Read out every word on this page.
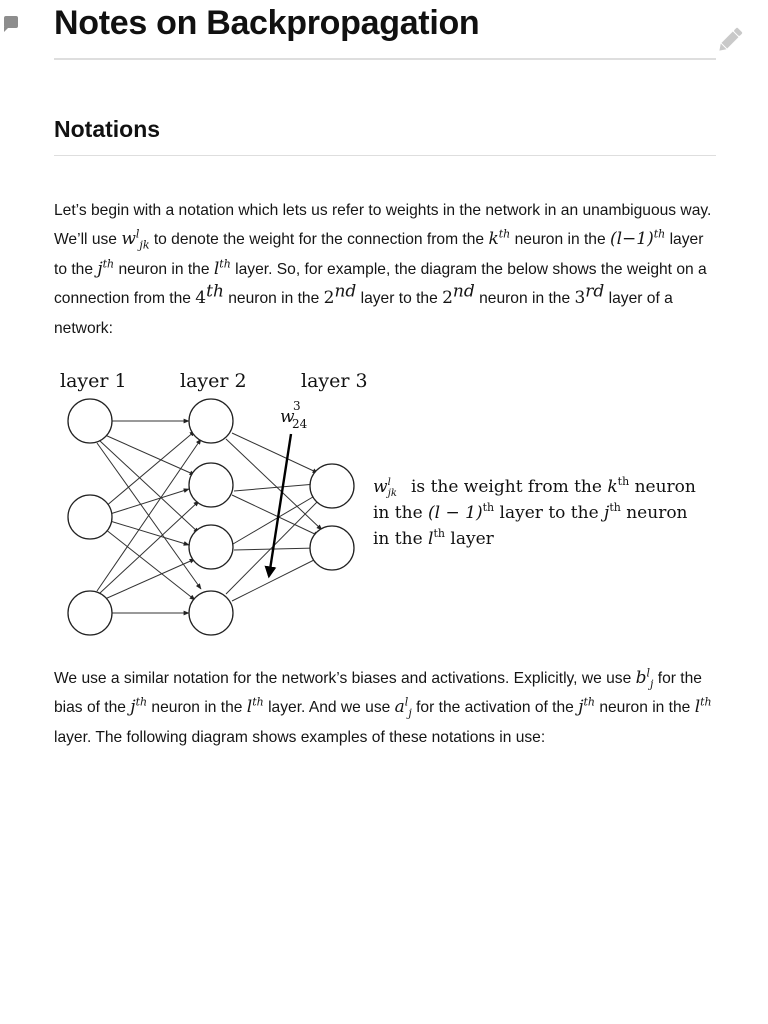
Notes on Backpropagation
Notations
Let’s begin with a notation which lets us refer to weights in the network in an unambiguous way. We’ll use $w^l_{jk}$ to denote the weight for the connection from the $k^{th}$ neuron in the $(l-1)^{th}$ layer to the $j^{th}$ neuron in the $l^{th}$ layer. So, for example, the diagram the below shows the weight on a connection from the 4th neuron in the 2nd layer to the 2nd neuron in the 3rd layer of a network:
layer 1	layer 2	layer 3
w
3
24
$w^l$ jk is the weight from the $k^{th}$ neuron
in the $(l - 1)^{th}$ layer to the $j^{th}$ neuron
in the $l^{th}$ layer
We use a similar notation for the network’s biases and activations. Explicitly, we use $b^l_j$ for the bias of the $j^{th}$ neuron in the $l^{th}$ layer. And we use $a^l_j$ for the activation of the $j^{th}$ neuron in the $l^{th}$ layer. The following diagram shows examples of these notations in use:
